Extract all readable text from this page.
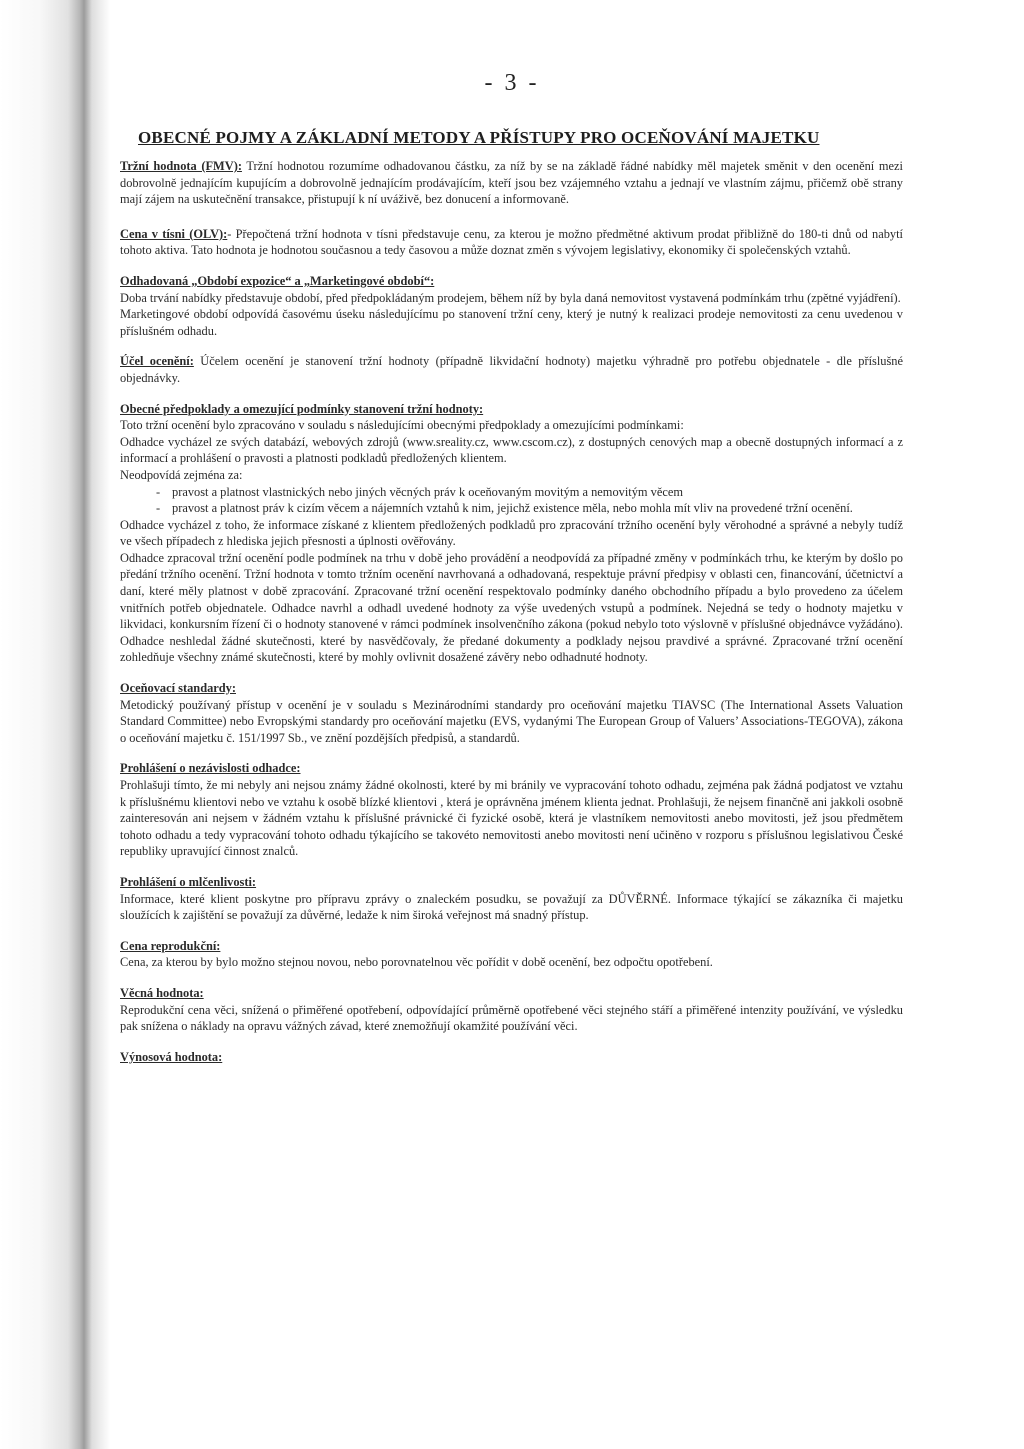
- 3 -
OBECNÉ POJMY A ZÁKLADNÍ METODY A PŘÍSTUPY PRO OCEŇOVÁNÍ MAJETKU

Tržní hodnota (FMV): Tržní hodnotou rozumíme odhadovanou částku, za níž by se na základě řádné nabídky měl majetek směnit v den ocenění mezi dobrovolně jednajícím kupujícím a dobrovolně jednajícím prodávajícím, kteří jsou bez vzájemného vztahu a jednají ve vlastním zájmu, přičemž obě strany mají zájem na uskutečnění transakce, přistupují k ní uváživě, bez donucení a informovaně.

Cena v tísni (OLV):- Přepočtená tržní hodnota v tísni představuje cenu, za kterou je možno předmětné aktivum prodat přibližně do 180-ti dnů od nabytí tohoto aktiva. Tato hodnota je hodnotou současnou a tedy časovou a může doznat změn s vývojem legislativy, ekonomiky či společenských vztahů.

Odhadovaná „Období expozice“ a „Marketingové období“:

Doba trvání nabídky představuje období, před předpokládaným prodejem, během níž by byla daná nemovitost vystavená podmínkám trhu (zpětné vyjádření).

Marketingové období odpovídá časovému úseku následujícímu po stanovení tržní ceny, který je nutný k realizaci prodeje nemovitosti za cenu uvedenou v příslušném odhadu.

Účel ocenění: Účelem ocenění je stanovení tržní hodnoty (případně likvidační hodnoty) majetku výhradně pro potřebu objednatele - dle příslušné objednávky.

Obecné předpoklady a omezující podmínky stanovení tržní hodnoty:

Toto tržní ocenění bylo zpracováno v souladu s následujícími obecnými předpoklady a omezujícími podmínkami:

Odhadce vycházel ze svých databází, webových zdrojů (www.sreality.cz, www.cscom.cz), z dostupných cenových map a obecně dostupných informací a z informací a prohlášení o pravosti a platnosti podkladů předložených klientem.

Neodpovídá zejména za:

- pravost a platnost vlastnických nebo jiných věcných práv k oceňovaným movitým a nemovitým věcem
- pravost a platnost práv k cizím věcem a nájemních vztahů k nim, jejichž existence měla, nebo mohla mít vliv na provedené tržní ocenění.

Odhadce vycházel z toho, že informace získané z klientem předložených podkladů pro zpracování tržního ocenění byly věrohodné a správné a nebyly tudíž ve všech případech z hlediska jejich přesnosti a úplnosti ověřovány.

Odhadce zpracoval tržní ocenění podle podmínek na trhu v době jeho provádění a neodpovídá za případné změny v podmínkách trhu, ke kterým by došlo po předání tržního ocenění. Tržní hodnota v tomto tržním ocenění navrhovaná a odhadovaná, respektuje právní předpisy v oblasti cen, financování, účetnictví a daní, které měly platnost v době zpracování. Zpracované tržní ocenění respektovalo podmínky daného obchodního případu a bylo provedeno za účelem vnitřních potřeb objednatele. Odhadce navrhl a odhadl uvedené hodnoty za výše uvedených vstupů a podmínek. Nejedná se tedy o hodnoty majetku v likvidaci, konkursním řízení či o hodnoty stanovené v rámci podmínek insolvenčního zákona (pokud nebylo toto výslovně v příslušné objednávce vyžádáno). Odhadce neshledal žádné skutečnosti, které by nasvědčovaly, že předané dokumenty a podklady nejsou pravdivé a správné. Zpracované tržní ocenění zohledňuje všechny známé skutečnosti, které by mohly ovlivnit dosažené závěry nebo odhadnuté hodnoty.

Oceňovací standardy:

Metodický používaný přístup v ocenění je v souladu s Mezinárodními standardy pro oceňování majetku TIAVSC (The International Assets Valuation Standard Committee) nebo Evropskými standardy pro oceňování majetku (EVS, vydanými The European Group of Valuers’ Associations-TEGOVA), zákona o oceňování majetku č. 151/1997 Sb., ve znění pozdějších předpisů, a standardů.

Prohlášení o nezávislosti odhadce:

Prohlašuji tímto, že mi nebyly ani nejsou známy žádné okolnosti, které by mi bránily ve vypracování tohoto odhadu, zejména pak žádná podjatost ve vztahu k příslušnému klientovi nebo ve vztahu k osobě blízké klientovi , která je oprávněna jménem klienta jednat. Prohlašuji, že nejsem finančně ani jakkoli osobně zainteresován ani nejsem v žádném vztahu k příslušné právnické či fyzické osobě, která je vlastníkem nemovitosti anebo movitosti, jež jsou předmětem tohoto odhadu a tedy vypracování tohoto odhadu týkajícího se takovéto nemovitosti anebo movitosti není učiněno v rozporu s příslušnou legislativou České republiky upravující činnost znalců.

Prohlášení o mlčenlivosti:

Informace, které klient poskytne pro přípravu zprávy o znaleckém posudku, se považují za DŮVĚRNÉ. Informace týkající se zákazníka či majetku sloužících k zajištění se považují za důvěrné, ledaže k nim široká veřejnost má snadný přístup.

Cena reprodukční:

Cena, za kterou by bylo možno stejnou novou, nebo porovnatelnou věc pořídit v době ocenění, bez odpočtu opotřebení.

Věcná hodnota:

Reprodukční cena věci, snížená o přiměřené opotřebení, odpovídající průměrně opotřebené věci stejného stáří a přiměřené intenzity používání, ve výsledku pak snížena o náklady na opravu vážných závad, které znemožňují okamžité používání věci.

Výnosová hodnota:
